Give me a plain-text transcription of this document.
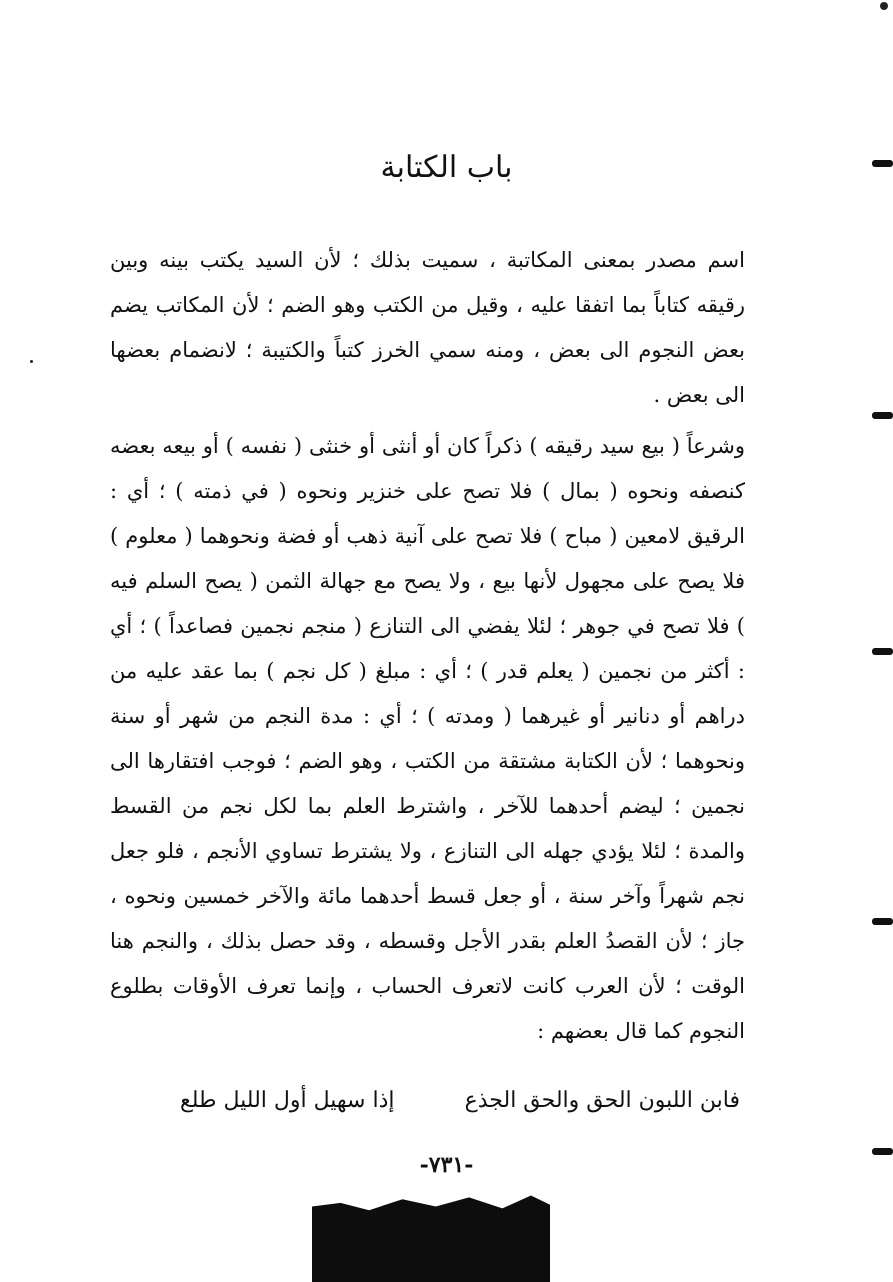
باب الكتابة

اسم مصدر بمعنى المكاتبة ، سميت بذلك ؛ لأن السيد يكتب بينه وبين رقيقه كتاباً بما اتفقا عليه ، وقيل من الكتب وهو الضم ؛ لأن المكاتب يضم بعض النجوم الى بعض ، ومنه سمي الخرز كتباً والكتيبة ؛ لانضمام بعضها الى بعض .

وشرعاً ( بيع سيد رقيقه ) ذكراً كان أو أنثى أو خنثى ( نفسه ) أو بيعه بعضه كنصفه ونحوه ( بمال ) فلا تصح على خنزير ونحوه ( في ذمته ) ؛ أي : الرقيق لامعين ( مباح ) فلا تصح على آنية ذهب أو فضة ونحوهما ( معلوم ) فلا يصح على مجهول لأنها بيع ، ولا يصح مع جهالة الثمن ( يصح السلم فيه ) فلا تصح في جوهر ؛ لئلا يفضي الى التنازع ( منجم نجمين فصاعداً ) ؛ أي : أكثر من نجمين ( يعلم قدر ) ؛ أي : مبلغ ( كل نجم ) بما عقد عليه من دراهم أو دنانير أو غيرهما ( ومدته ) ؛ أي : مدة النجم من شهر أو سنة ونحوهما ؛ لأن الكتابة مشتقة من الكتب ، وهو الضم ؛ فوجب افتقارها الى نجمين ؛ ليضم أحدهما للآخر ، واشترط العلم بما لكل نجم من القسط والمدة ؛ لئلا يؤدي جهله الى التنازع ، ولا يشترط تساوي الأنجم ، فلو جعل نجم شهراً وآخر سنة ، أو جعل قسط أحدهما مائة والآخر خمسين ونحوه ، جاز ؛ لأن القصدُ العلم بقدر الأجل وقسطه ، وقد حصل بذلك ، والنجم هنا الوقت ؛ لأن العرب كانت لاتعرف الحساب ، وإنما تعرف الأوقات بطلوع النجوم كما قال بعضهم :

إذا سهيل أول الليل طلع	فابن اللبون الحق والحق الجذع
-٧٣١-
